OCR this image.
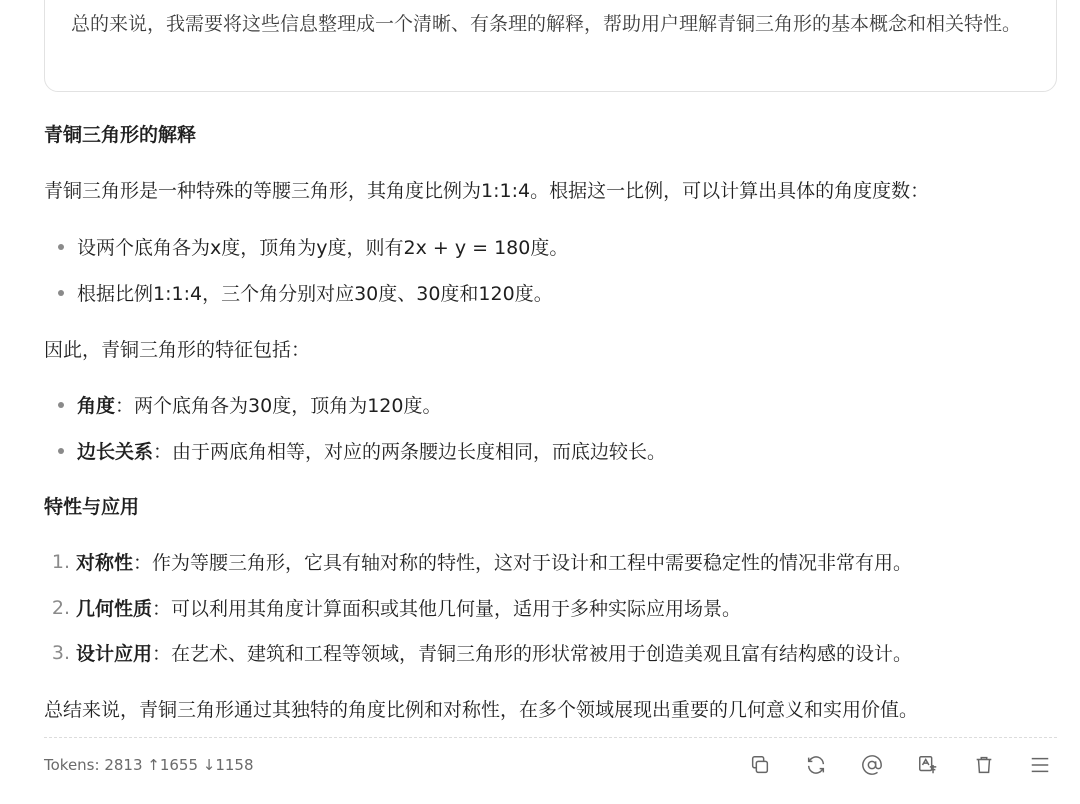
总的来说，我需要将这些信息整理成一个清晰、有条理的解释，帮助用户理解青铜三角形的基本概念和相关特性。

青铜三角形的解释
青铜三角形是一种特殊的等腰三角形，其角度比例为1:1:4。根据这一比例，可以计算出具体的角度度数：
设两个底角各为x度，顶角为y度，则有2x + y = 180度。
根据比例1:1:4，三个角分别对应30度、30度和120度。
因此，青铜三角形的特征包括：
角度 ：两个底角各为30度，顶角为120度。
边长关系 ：由于两底角相等，对应的两条腰边长度相同，而底边较长。
特性与应用
1. 对称性 ：作为等腰三角形，它具有轴对称的特性，这对于设计和工程中需要稳定性的情况非常有用。
2. 几何性质 ：可以利用其角度计算面积或其他几何量，适用于多种实际应用场景。
3. 设计应用 ：在艺术、建筑和工程等领域，青铜三角形的形状常被用于创造美观且富有结构感的设计。
总结来说，青铜三角形通过其独特的角度比例和对称性，在多个领域展现出重要的几何意义和实用价值。
Tokens: 2813 ↑1655 ↓1158
